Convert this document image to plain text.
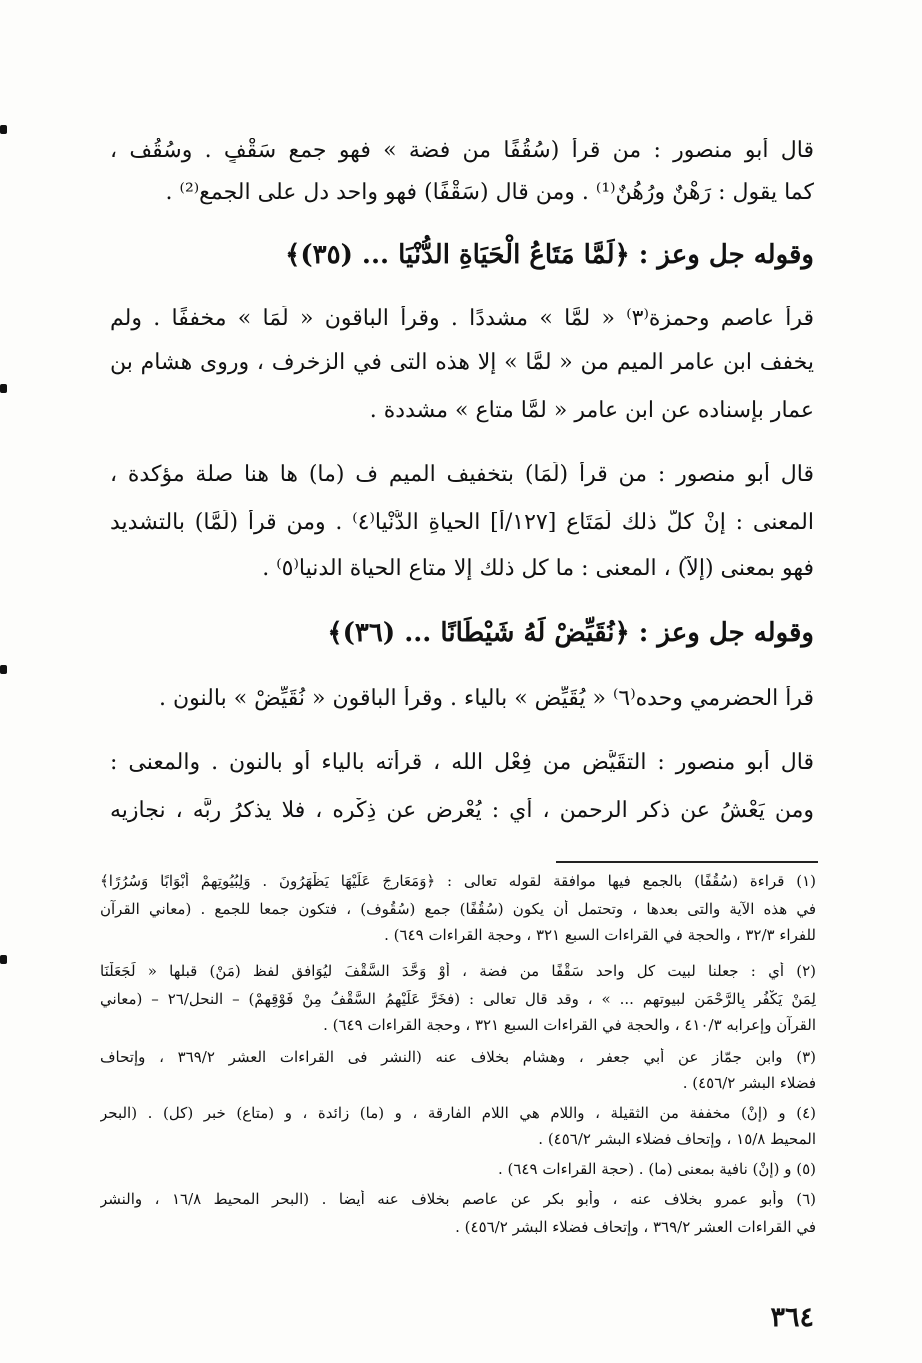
قال أبو منصور : من قرأ (سُقُفًا من فضة » فهو جمع سَقْفٍ . وسُقُف ،
كما يقول : رَهْنٌ ورُهُنٌ⁽¹⁾ . ومن قال (سَقْفًا) فهو واحد دل على الجمع⁽²⁾ .
وقوله جل وعز : ﴿لَمَّا مَتَاعُ الْحَيَاةِ الدُّنْيَا ... (٣٥)﴾
قرأ عاصم وحمزة⁽٣⁾ « لمَّا » مشددًا . وقرأ الباقون « لَمَا » مخففًا . ولم
يخفف ابن عامر الميم من « لمَّا » إلا هذه التى في الزخرف ، وروى هشام بن
عمار بإسناده عن ابن عامر « لمَّا متاع » مشددة .
قال أبو منصور : من قرأ (لَمَا) بتخفيف الميم ف (ما) ها هنا صلة مؤكدة ،
المعنى : إنْ كلُّ ذلك لَمَتَاع [١٢٧/أ] الحياةِ الدُّنْيا⁽٤⁾ . ومن قرأ (لَمَّا) بالتشديد
فهو بمعنى (إلاَّ) ، المعنى : ما كل ذلك إلا متاع الحياة الدنيا⁽٥⁾ .
وقوله جل وعز : ﴿نُقَيِّضْ لَهُ شَيْطَانًا ... (٣٦)﴾
قرأ الحضرمي وحده⁽٦⁾ « يُقَيِّض » بالياء . وقرأ الباقون « نُقَيِّضْ » بالنون .
قال أبو منصور : التقَيُّض من فِعْل الله ، قرأته بالياء أو بالنون . والمعنى :
ومن يَعْشُ عن ذكر الرحمن ، أي : يُعْرِض عن ذِكْرِه ، فلا يذكرُ ربَّه ، نجازيه
(١) قراءة (سُقُفًا) بالجمع فيها موافقة لقوله تعالى : ﴿وَمَعَارِجَ عَلَيْهَا يَظْهَرُونَ . وَلِبُيُوتِهِمْ أَبْوَابًا وَسُرُرًا﴾
في هذه الآية والتى بعدها ، وتحتمل أن يكون (سُقُفًا) جمع (سُقُوف) ، فتكون جمعا للجمع . (معاني القرآن
للفراء ٣٢/٣ ، والحجة في القراءات السبع ٣٢١ ، وحجة القراءات ٦٤٩) .
(٢) أي : جعلنا لبيت كل واحد سَقْفًا من فضة ، أوْ وَحَّدَ السَّقْفَ ليُوَافق لفظ (مَنْ) قبلها « لَجَعَلْنَا
لِمَنْ يَكْفُر بِالرَّحْمَنِ لبيوتهم ... » ، وقد قال تعالى : (فخَرَّ عَلَيْهِمُ السَّقْفُ مِنْ فَوْقِهِمْ) – النحل/٢٦ – (معاني
القرآن وإعرابه ٤١٠/٣ ، والحجة في القراءات السبع ٣٢١ ، وحجة القراءات ٦٤٩) .
(٣) وابن جمّاز عن أبي جعفر ، وهشام بخلاف عنه (النشر فى القراءات العشر ٣٦٩/٢ ، وإتحاف
فضلاء البشر ٤٥٦/٢) .
(٤) و (إنْ) مخففة من الثقيلة ، واللام هي اللام الفارقة ، و (ما) زائدة ، و (متاع) خبر (كل) . (البحر
المحيط ١٥/٨ ، وإتحاف فضلاء البشر ٤٥٦/٢) .
(٥) و (إنْ) نافية بمعنى (ما) . (حجة القراءات ٦٤٩) .
(٦) وأبو عمرو بخلاف عنه ، وأبو بكر عن عاصم بخلاف عنه أيضا . (البحر المحيط ١٦/٨ ، والنشر
في القراءات العشر ٣٦٩/٢ ، وإتحاف فضلاء البشر ٤٥٦/٢) .
٣٦٤
